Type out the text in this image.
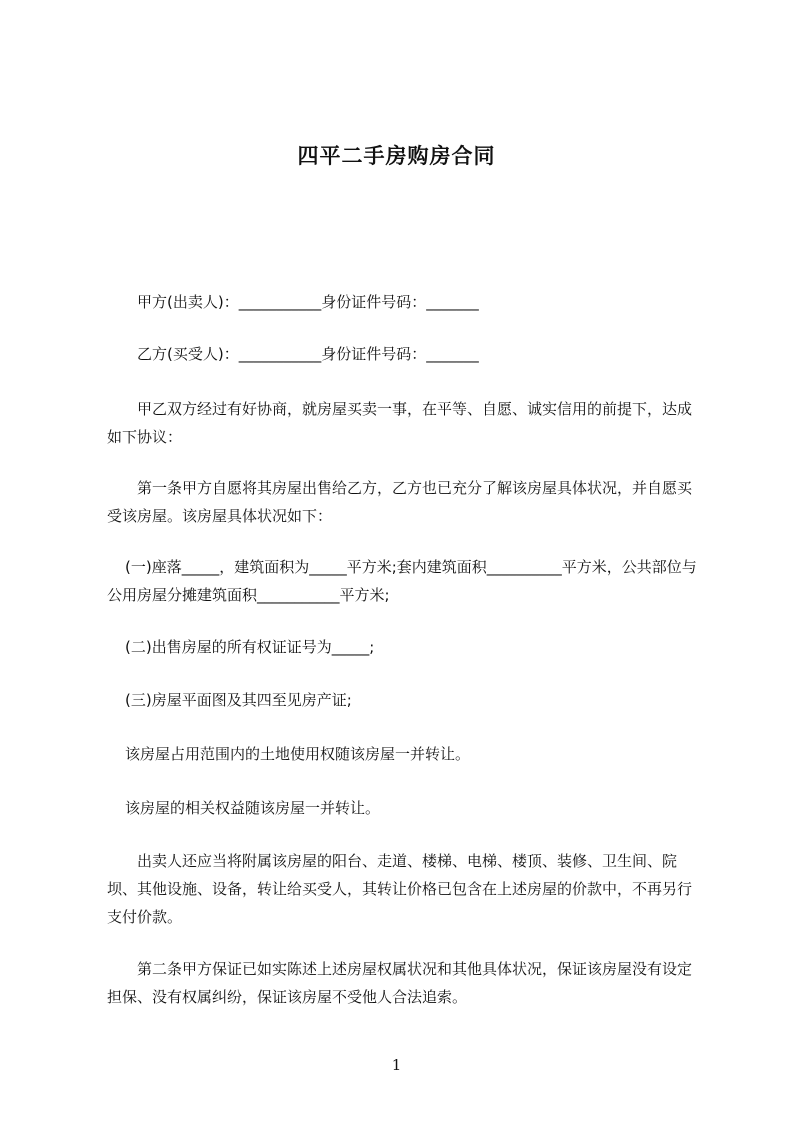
四平二手房购房合同

甲方(出卖人)：___________身份证件号码：_______

乙方(买受人)：___________身份证件号码：_______

甲乙双方经过有好协商，就房屋买卖一事，在平等、自愿、诚实信用的前提下，达成如下协议：

第一条甲方自愿将其房屋出售给乙方，乙方也已充分了解该房屋具体状况，并自愿买受该房屋。该房屋具体状况如下：

(一)座落_____，建筑面积为_____平方米;套内建筑面积__________平方米，公共部位与公用房屋分摊建筑面积___________平方米;

(二)出售房屋的所有权证证号为_____;

(三)房屋平面图及其四至见房产证;

该房屋占用范围内的土地使用权随该房屋一并转让。

该房屋的相关权益随该房屋一并转让。

出卖人还应当将附属该房屋的阳台、走道、楼梯、电梯、楼顶、装修、卫生间、院坝、其他设施、设备，转让给买受人，其转让价格已包含在上述房屋的价款中，不再另行支付价款。

第二条甲方保证已如实陈述上述房屋权属状况和其他具体状况，保证该房屋没有设定担保、没有权属纠纷，保证该房屋不受他人合法追索。

1
